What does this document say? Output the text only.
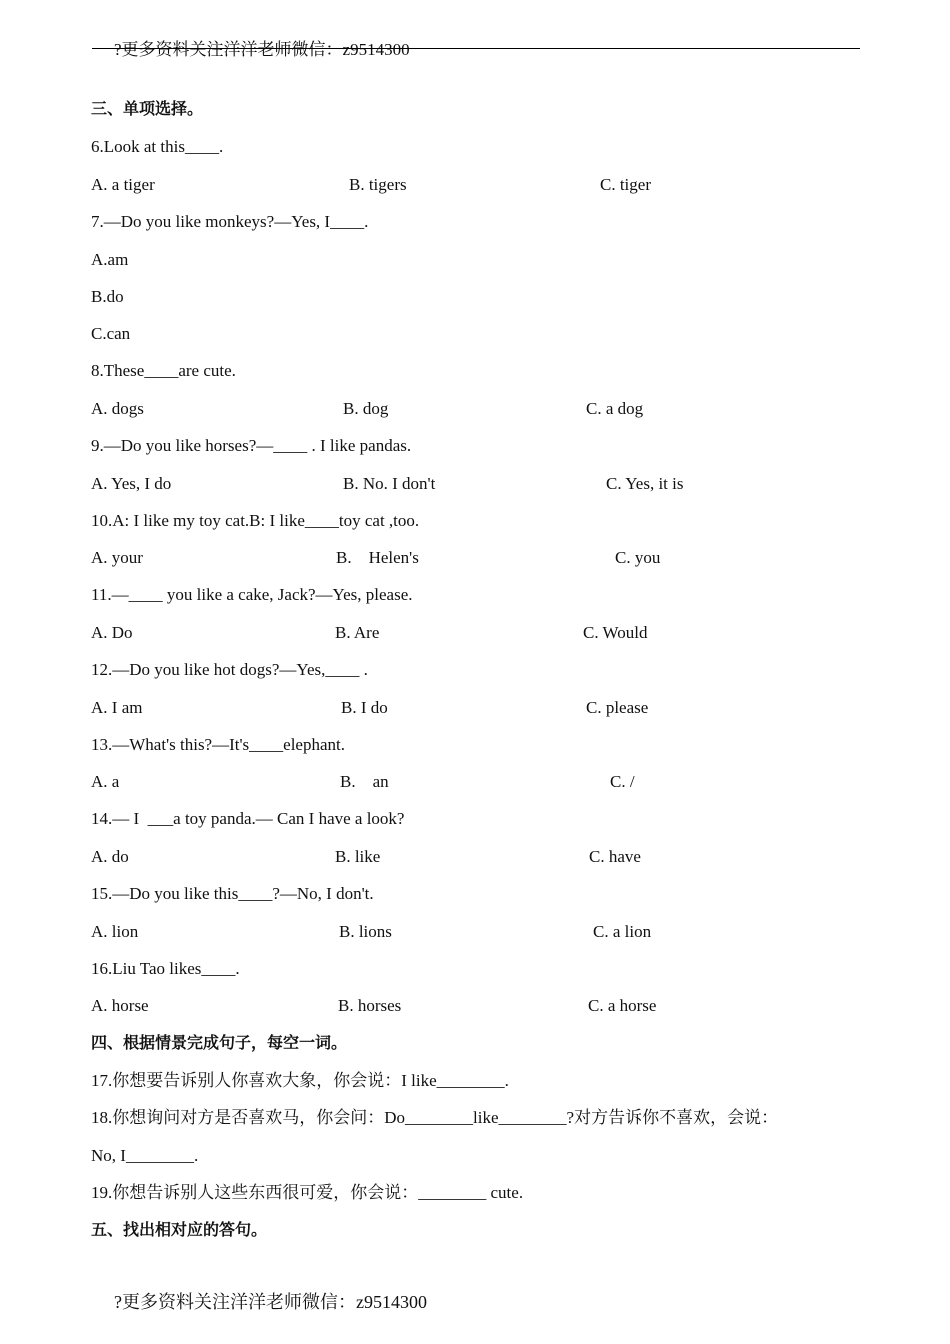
?更多资料关注洋洋老师微信：z9514300
三、单项选择。
6.Look at this____.
A. a tiger	B. tigers	C. tiger
7.—Do you like monkeys?—Yes, I____.
A.am
B.do
C.can
8.These____are cute.
A. dogs	B. dog	C. a dog
9.—Do you like horses?—____ . I like pandas.
A. Yes, I do	B. No. I don't	C. Yes, it is
10.A: I like my toy cat.B: I like____toy cat ,too.
A. your	B.    Helen's	C. you
11.—____ you like a cake, Jack?—Yes, please.
A. Do	B. Are	C. Would
12.—Do you like hot dogs?—Yes,____ .
A. I am	B. I do	C. please
13.—What's this?—It's____elephant.
A. a	B.    an	C. /
14.— I  ___a toy panda.— Can I have a look?
A. do	B. like	C. have
15.—Do you like this____?—No, I don't.
A. lion	B. lions	C. a lion
16.Liu Tao likes____.
A. horse	B. horses	C. a horse
四、根据情景完成句子，每空一词。
17.你想要告诉别人你喜欢大象，你会说：I like________.
18.你想询问对方是否喜欢马，你会问：Do________like________?对方告诉你不喜欢，会说：
No, I________.
19.你想告诉别人这些东西很可爱，你会说：________ cute.
五、找出相对应的答句。
?更多资料关注洋洋老师微信：z9514300
